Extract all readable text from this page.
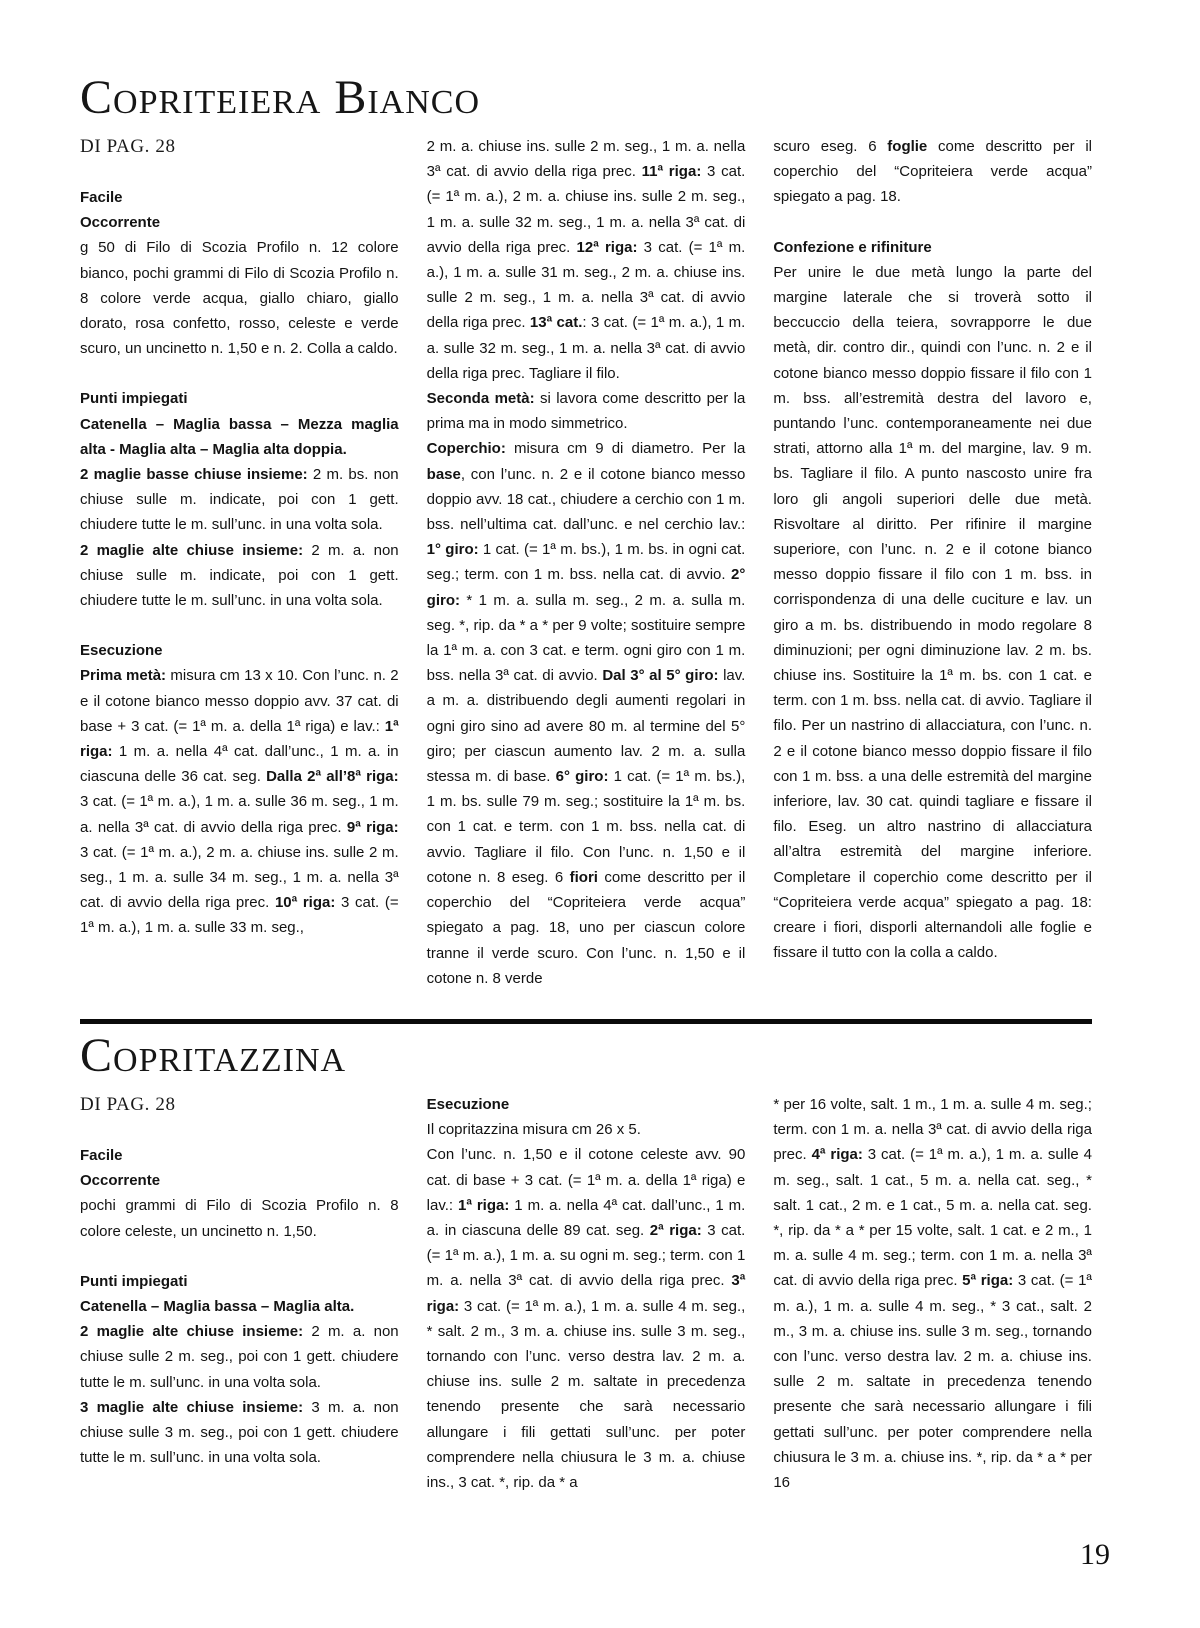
Copriteiera Bianco
DI PAG. 28

Facile

Occorrente

g 50 di Filo di Scozia Profilo n. 12 colore bianco, pochi grammi di Filo di Scozia Profilo n. 8 colore verde acqua, giallo chiaro, giallo dorato, rosa confetto, rosso, celeste e verde scuro, un uncinetto n. 1,50 e n. 2. Colla a caldo.

Punti impiegati

Catenella – Maglia bassa – Mezza maglia alta - Maglia alta – Maglia alta doppia.

2 maglie basse chiuse insieme: 2 m. bs. non chiuse sulle m. indicate, poi con 1 gett. chiudere tutte le m. sull’unc. in una volta sola.

2 maglie alte chiuse insieme: 2 m. a. non chiuse sulle m. indicate, poi con 1 gett. chiudere tutte le m. sull’unc. in una volta sola.

Esecuzione

Prima metà: misura cm 13 x 10. Con l’unc. n. 2 e il cotone bianco messo doppio avv. 37 cat. di base + 3 cat. (= 1ª m. a. della 1ª riga) e lav.: 1ª riga: 1 m. a. nella 4ª cat. dall’unc., 1 m. a. in ciascuna delle 36 cat. seg. Dalla 2ª all’8ª riga: 3 cat. (= 1ª m. a.), 1 m. a. sulle 36 m. seg., 1 m. a. nella 3ª cat. di avvio della riga prec. 9ª riga: 3 cat. (= 1ª m. a.), 2 m. a. chiuse ins. sulle 2 m. seg., 1 m. a. sulle 34 m. seg., 1 m. a. nella 3ª cat. di avvio della riga prec. 10ª riga: 3 cat. (= 1ª m. a.), 1 m. a. sulle 33 m. seg.,

2 m. a. chiuse ins. sulle 2 m. seg., 1 m. a. nella 3ª cat. di avvio della riga prec. 11ª riga: 3 cat. (= 1ª m. a.), 2 m. a. chiuse ins. sulle 2 m. seg., 1 m. a. sulle 32 m. seg., 1 m. a. nella 3ª cat. di avvio della riga prec. 12ª riga: 3 cat. (= 1ª m. a.), 1 m. a. sulle 31 m. seg., 2 m. a. chiuse ins. sulle 2 m. seg., 1 m. a. nella 3ª cat. di avvio della riga prec. 13ª cat.: 3 cat. (= 1ª m. a.), 1 m. a. sulle 32 m. seg., 1 m. a. nella 3ª cat. di avvio della riga prec. Tagliare il filo.

Seconda metà: si lavora come descritto per la prima ma in modo simmetrico.

Coperchio: misura cm 9 di diametro. Per la base, con l’unc. n. 2 e il cotone bianco messo doppio avv. 18 cat., chiudere a cerchio con 1 m. bss. nell’ultima cat. dall’unc. e nel cerchio lav.: 1° giro: 1 cat. (= 1ª m. bs.), 1 m. bs. in ogni cat. seg.; term. con 1 m. bss. nella cat. di avvio. 2° giro: * 1 m. a. sulla m. seg., 2 m. a. sulla m. seg. *, rip. da * a * per 9 volte; sostituire sempre la 1ª m. a. con 3 cat. e term. ogni giro con 1 m. bss. nella 3ª cat. di avvio. Dal 3° al 5° giro: lav. a m. a. distribuendo degli aumenti regolari in ogni giro sino ad avere 80 m. al termine del 5° giro; per ciascun aumento lav. 2 m. a. sulla stessa m. di base. 6° giro: 1 cat. (= 1ª m. bs.), 1 m. bs. sulle 79 m. seg.; sostituire la 1ª m. bs. con 1 cat. e term. con 1 m. bss. nella cat. di avvio. Tagliare il filo. Con l’unc. n. 1,50 e il cotone n. 8 eseg. 6 fiori come descritto per il coperchio del “Copriteiera verde acqua” spiegato a pag. 18, uno per ciascun colore tranne il verde scuro. Con l’unc. n. 1,50 e il cotone n. 8 verde

scuro eseg. 6 foglie come descritto per il coperchio del “Copriteiera verde acqua” spiegato a pag. 18.

Confezione e rifiniture

Per unire le due metà lungo la parte del margine laterale che si troverà sotto il beccuccio della teiera, sovrapporre le due metà, dir. contro dir., quindi con l’unc. n. 2 e il cotone bianco messo doppio fissare il filo con 1 m. bss. all’estremità destra del lavoro e, puntando l’unc. contemporaneamente nei due strati, attorno alla 1ª m. del margine, lav. 9 m. bs. Tagliare il filo. A punto nascosto unire fra loro gli angoli superiori delle due metà. Risvoltare al diritto. Per rifinire il margine superiore, con l’unc. n. 2 e il cotone bianco messo doppio fissare il filo con 1 m. bss. in corrispondenza di una delle cuciture e lav. un giro a m. bs. distribuendo in modo regolare 8 diminuzioni; per ogni diminuzione lav. 2 m. bs. chiuse ins. Sostituire la 1ª m. bs. con 1 cat. e term. con 1 m. bss. nella cat. di avvio. Tagliare il filo. Per un nastrino di allacciatura, con l’unc. n. 2 e il cotone bianco messo doppio fissare il filo con 1 m. bss. a una delle estremità del margine inferiore, lav. 30 cat. quindi tagliare e fissare il filo. Eseg. un altro nastrino di allacciatura all’altra estremità del margine inferiore. Completare il coperchio come descritto per il “Copriteiera verde acqua” spiegato a pag. 18: creare i fiori, disporli alternandoli alle foglie e fissare il tutto con la colla a caldo.

Copritazzina
DI PAG. 28

Facile

Occorrente

pochi grammi di Filo di Scozia Profilo n. 8 colore celeste, un uncinetto n. 1,50.

Punti impiegati

Catenella – Maglia bassa – Maglia alta.

2 maglie alte chiuse insieme: 2 m. a. non chiuse sulle 2 m. seg., poi con 1 gett. chiudere tutte le m. sull’unc. in una volta sola.

3 maglie alte chiuse insieme: 3 m. a. non chiuse sulle 3 m. seg., poi con 1 gett. chiudere tutte le m. sull’unc. in una volta sola.

Esecuzione

Il copritazzina misura cm 26 x 5.

Con l’unc. n. 1,50 e il cotone celeste avv. 90 cat. di base + 3 cat. (= 1ª m. a. della 1ª riga) e lav.: 1ª riga: 1 m. a. nella 4ª cat. dall’unc., 1 m. a. in ciascuna delle 89 cat. seg. 2ª riga: 3 cat. (= 1ª m. a.), 1 m. a. su ogni m. seg.; term. con 1 m. a. nella 3ª cat. di avvio della riga prec. 3ª riga: 3 cat. (= 1ª m. a.), 1 m. a. sulle 4 m. seg., * salt. 2 m., 3 m. a. chiuse ins. sulle 3 m. seg., tornando con l’unc. verso destra lav. 2 m. a. chiuse ins. sulle 2 m. saltate in precedenza tenendo presente che sarà necessario allungare i fili gettati sull’unc. per poter comprendere nella chiusura le 3 m. a. chiuse ins., 3 cat. *, rip. da * a

* per 16 volte, salt. 1 m., 1 m. a. sulle 4 m. seg.; term. con 1 m. a. nella 3ª cat. di avvio della riga prec. 4ª riga: 3 cat. (= 1ª m. a.), 1 m. a. sulle 4 m. seg., salt. 1 cat., 5 m. a. nella cat. seg., * salt. 1 cat., 2 m. e 1 cat., 5 m. a. nella cat. seg. *, rip. da * a * per 15 volte, salt. 1 cat. e 2 m., 1 m. a. sulle 4 m. seg.; term. con 1 m. a. nella 3ª cat. di avvio della riga prec. 5ª riga: 3 cat. (= 1ª m. a.), 1 m. a. sulle 4 m. seg., * 3 cat., salt. 2 m., 3 m. a. chiuse ins. sulle 3 m. seg., tornando con l’unc. verso destra lav. 2 m. a. chiuse ins. sulle 2 m. saltate in precedenza tenendo presente che sarà necessario allungare i fili gettati sull’unc. per poter comprendere nella chiusura le 3 m. a. chiuse ins. *, rip. da * a * per 16

19
